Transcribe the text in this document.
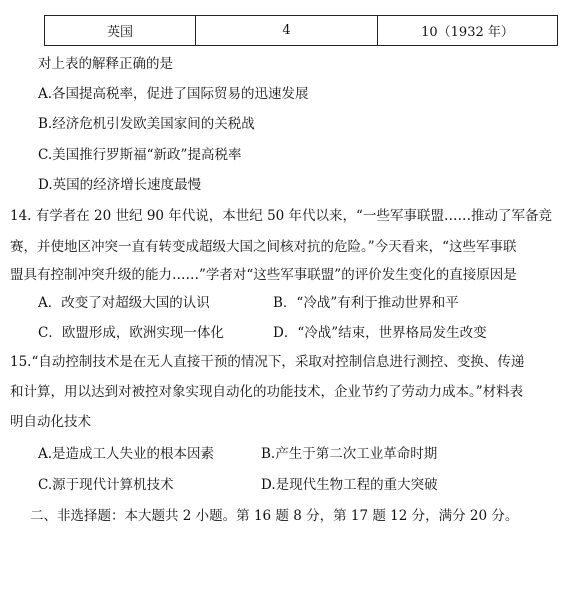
英国	4	10（1932 年）
对上表的解释正确的是
A.各国提高税率，促进了国际贸易的迅速发展
B.经济危机引发欧美国家间的关税战
C.美国推行罗斯福“新政”提高税率
D.英国的经济增长速度最慢
14. 有学者在 20 世纪 90 年代说，本世纪 50 年代以来，“一些军事联盟……推动了军备竞
赛，并使地区冲突一直有转变成超级大国之间核对抗的危险。”今天看来，“这些军事联
盟具有控制冲突升级的能力……”学者对“这些军事联盟”的评价发生变化的直接原因是
A．改变了对超级大国的认识	B．“冷战”有利于推动世界和平
C．欧盟形成，欧洲实现一体化	D．“冷战”结束，世界格局发生改变
15.“自动控制技术是在无人直接干预的情况下，采取对控制信息进行测控、变换、传递
和计算，用以达到对被控对象实现自动化的功能技术，企业节约了劳动力成本。”材料表
明自动化技术
A.是造成工人失业的根本因素	B.产生于第二次工业革命时期
C.源于现代计算机技术	D.是现代生物工程的重大突破
二、非选择题：本大题共 2 小题。第 16 题 8 分，第 17 题 12 分，满分 20 分。
